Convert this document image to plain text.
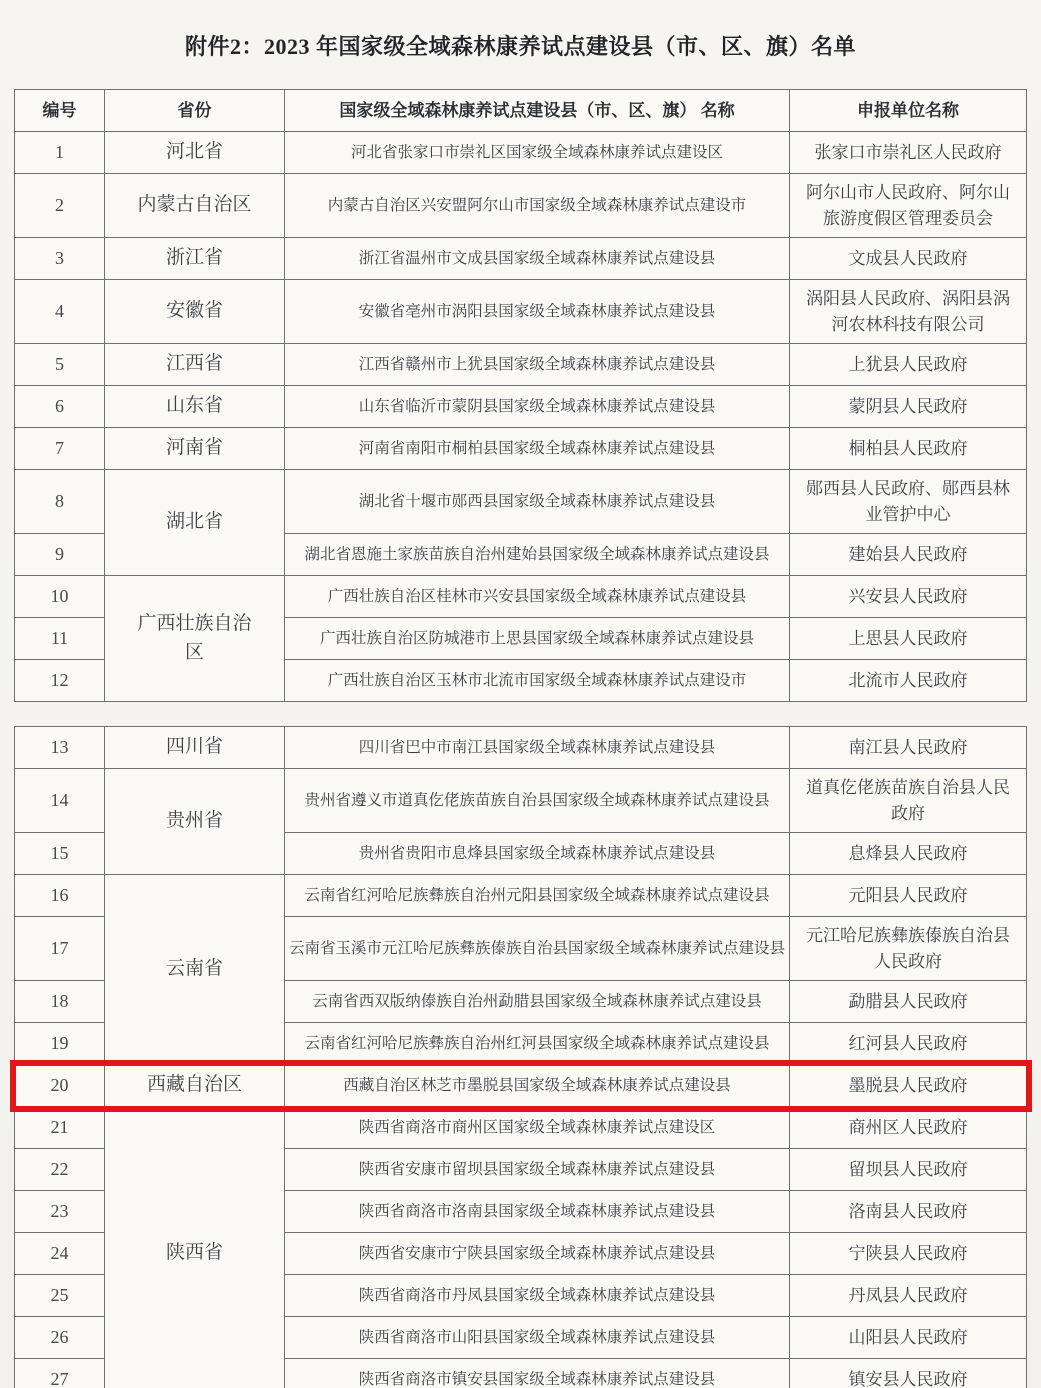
附件2：2023 年国家级全域森林康养试点建设县（市、区、旗）名单
编号	省份	国家级全域森林康养试点建设县（市、区、旗） 名称	申报单位名称
1	河北省	河北省张家口市崇礼区国家级全域森林康养试点建设区	张家口市崇礼区人民政府
2	内蒙古自治区	内蒙古自治区兴安盟阿尔山市国家级全域森林康养试点建设市	阿尔山市人民政府、阿尔山旅游度假区管理委员会
3	浙江省	浙江省温州市文成县国家级全域森林康养试点建设县	文成县人民政府
4	安徽省	安徽省亳州市涡阳县国家级全域森林康养试点建设县	涡阳县人民政府、涡阳县涡河农林科技有限公司
5	江西省	江西省赣州市上犹县国家级全域森林康养试点建设县	上犹县人民政府
6	山东省	山东省临沂市蒙阴县国家级全域森林康养试点建设县	蒙阴县人民政府
7	河南省	河南省南阳市桐柏县国家级全域森林康养试点建设县	桐柏县人民政府
8	湖北省	湖北省十堰市郧西县国家级全域森林康养试点建设县	郧西县人民政府、郧西县林业管护中心
9		湖北省恩施土家族苗族自治州建始县国家级全域森林康养试点建设县	建始县人民政府
10	广西壮族自治区	广西壮族自治区桂林市兴安县国家级全域森林康养试点建设县	兴安县人民政府
11		广西壮族自治区防城港市上思县国家级全域森林康养试点建设县	上思县人民政府
12		广西壮族自治区玉林市北流市国家级全域森林康养试点建设市	北流市人民政府
13	四川省	四川省巴中市南江县国家级全域森林康养试点建设县	南江县人民政府
14	贵州省	贵州省遵义市道真仡佬族苗族自治县国家级全域森林康养试点建设县	道真仡佬族苗族自治县人民政府
15		贵州省贵阳市息烽县国家级全域森林康养试点建设县	息烽县人民政府
16	云南省	云南省红河哈尼族彝族自治州元阳县国家级全域森林康养试点建设县	元阳县人民政府
17		云南省玉溪市元江哈尼族彝族傣族自治县国家级全域森林康养试点建设县	元江哈尼族彝族傣族自治县人民政府
18		云南省西双版纳傣族自治州勐腊县国家级全域森林康养试点建设县	勐腊县人民政府
19		云南省红河哈尼族彝族自治州红河县国家级全域森林康养试点建设县	红河县人民政府
20	西藏自治区	西藏自治区林芝市墨脱县国家级全域森林康养试点建设县	墨脱县人民政府
21	陕西省	陕西省商洛市商州区国家级全域森林康养试点建设区	商州区人民政府
22		陕西省安康市留坝县国家级全域森林康养试点建设县	留坝县人民政府
23		陕西省商洛市洛南县国家级全域森林康养试点建设县	洛南县人民政府
24		陕西省安康市宁陕县国家级全域森林康养试点建设县	宁陕县人民政府
25		陕西省商洛市丹凤县国家级全域森林康养试点建设县	丹凤县人民政府
26		陕西省商洛市山阳县国家级全域森林康养试点建设县	山阳县人民政府
27		陕西省商洛市镇安县国家级全域森林康养试点建设县	镇安县人民政府
